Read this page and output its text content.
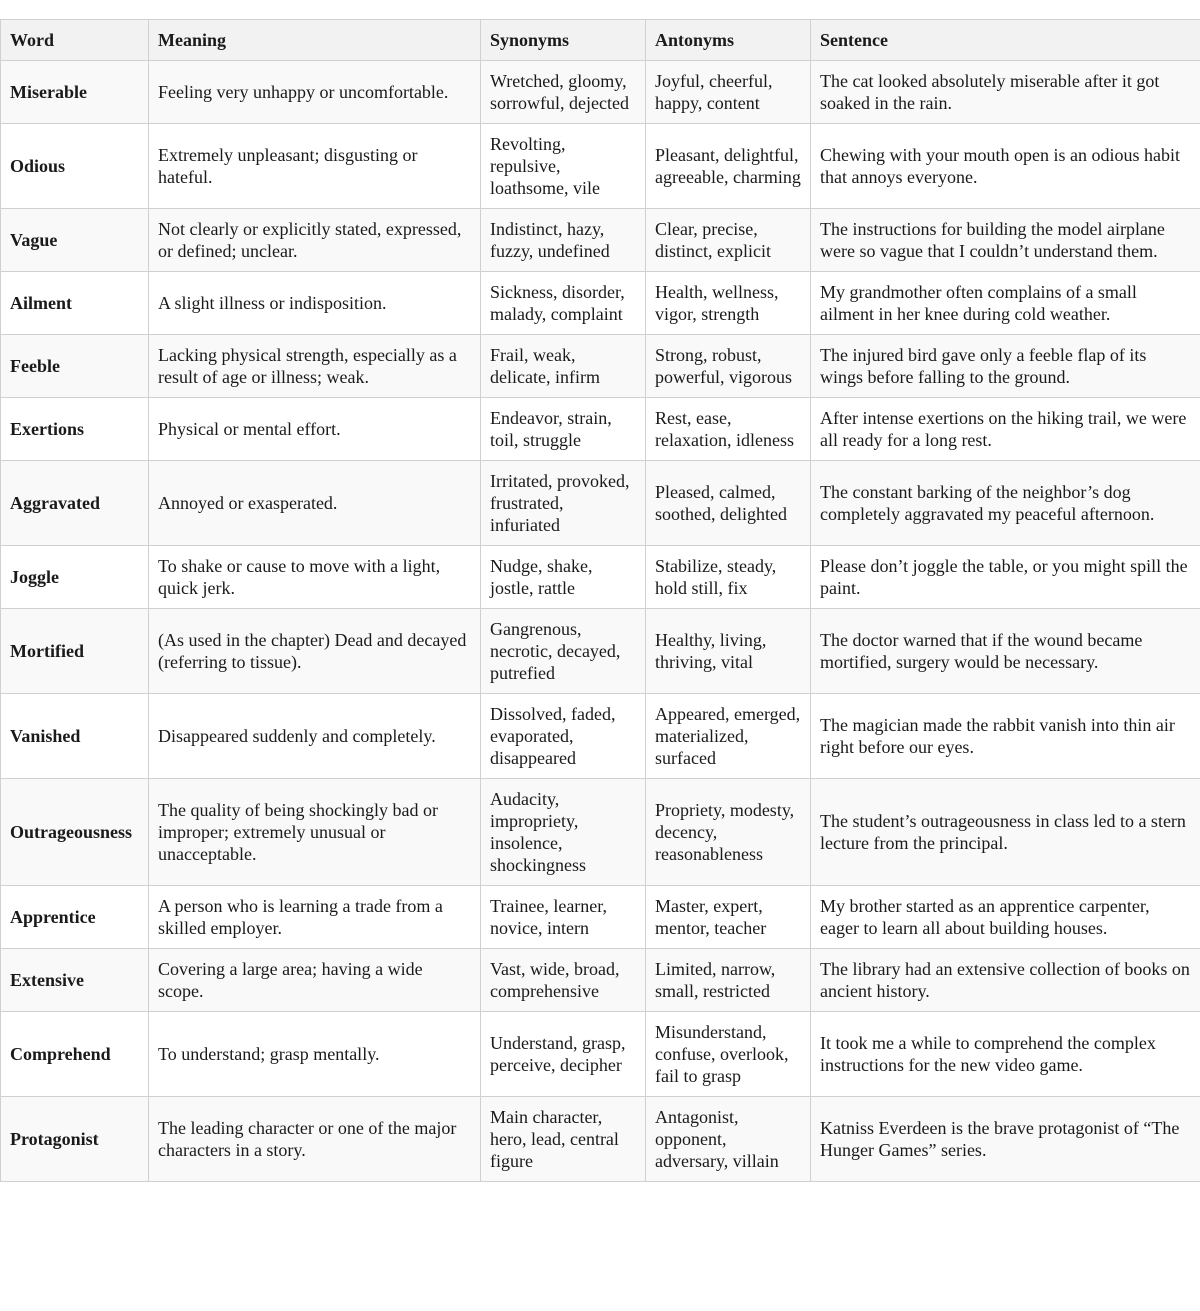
Word	Meaning	Synonyms	Antonyms	Sentence
Miserable	Feeling very unhappy or uncomfortable.	Wretched, gloomy, sorrowful, dejected	Joyful, cheerful, happy, content	The cat looked absolutely miserable after it got soaked in the rain.
Odious	Extremely unpleasant; disgusting or hateful.	Revolting, repulsive, loathsome, vile	Pleasant, delightful, agreeable, charming	Chewing with your mouth open is an odious habit that annoys everyone.
Vague	Not clearly or explicitly stated, expressed, or defined; unclear.	Indistinct, hazy, fuzzy, undefined	Clear, precise, distinct, explicit	The instructions for building the model airplane were so vague that I couldn’t understand them.
Ailment	A slight illness or indisposition.	Sickness, disorder, malady, complaint	Health, wellness, vigor, strength	My grandmother often complains of a small ailment in her knee during cold weather.
Feeble	Lacking physical strength, especially as a result of age or illness; weak.	Frail, weak, delicate, infirm	Strong, robust, powerful, vigorous	The injured bird gave only a feeble flap of its wings before falling to the ground.
Exertions	Physical or mental effort.	Endeavor, strain, toil, struggle	Rest, ease, relaxation, idleness	After intense exertions on the hiking trail, we were all ready for a long rest.
Aggravated	Annoyed or exasperated.	Irritated, provoked, frustrated, infuriated	Pleased, calmed, soothed, delighted	The constant barking of the neighbor’s dog completely aggravated my peaceful afternoon.
Joggle	To shake or cause to move with a light, quick jerk.	Nudge, shake, jostle, rattle	Stabilize, steady, hold still, fix	Please don’t joggle the table, or you might spill the paint.
Mortified	(As used in the chapter) Dead and decayed (referring to tissue).	Gangrenous, necrotic, decayed, putrefied	Healthy, living, thriving, vital	The doctor warned that if the wound became mortified, surgery would be necessary.
Vanished	Disappeared suddenly and completely.	Dissolved, faded, evaporated, disappeared	Appeared, emerged, materialized, surfaced	The magician made the rabbit vanish into thin air right before our eyes.
Outrageousness	The quality of being shockingly bad or improper; extremely unusual or unacceptable.	Audacity, impropriety, insolence, shockingness	Propriety, modesty, decency, reasonableness	The student’s outrageousness in class led to a stern lecture from the principal.
Apprentice	A person who is learning a trade from a skilled employer.	Trainee, learner, novice, intern	Master, expert, mentor, teacher	My brother started as an apprentice carpenter, eager to learn all about building houses.
Extensive	Covering a large area; having a wide scope.	Vast, wide, broad, comprehensive	Limited, narrow, small, restricted	The library had an extensive collection of books on ancient history.
Comprehend	To understand; grasp mentally.	Understand, grasp, perceive, decipher	Misunderstand, confuse, overlook, fail to grasp	It took me a while to comprehend the complex instructions for the new video game.
Protagonist	The leading character or one of the major characters in a story.	Main character, hero, lead, central figure	Antagonist, opponent, adversary, villain	Katniss Everdeen is the brave protagonist of “The Hunger Games” series.
